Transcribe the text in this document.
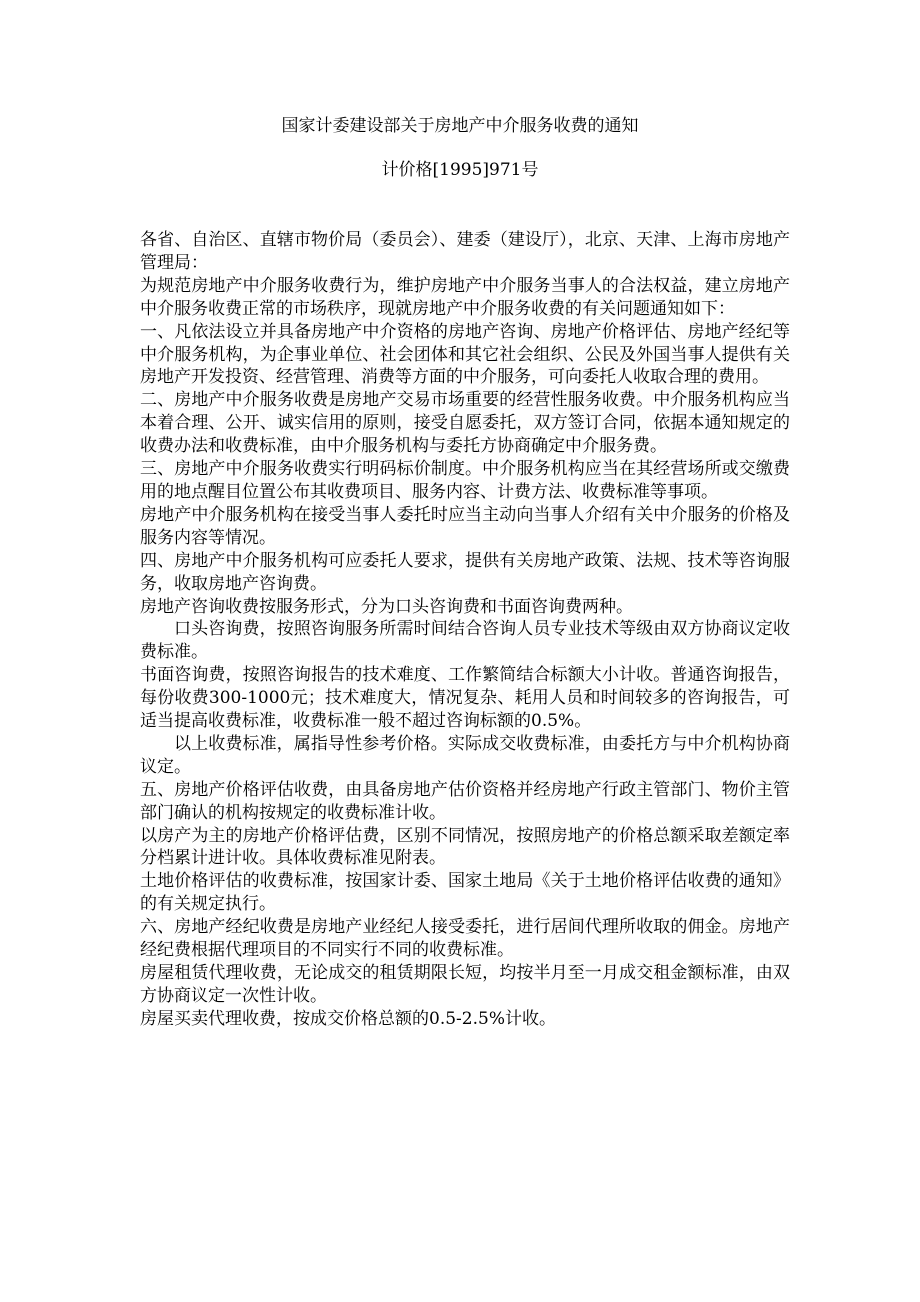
国家计委建设部关于房地产中介服务收费的通知
计价格[1995]971号

各省、自治区、直辖市物价局（委员会）、建委（建设厅），北京、天津、上海市房地产管理局：

为规范房地产中介服务收费行为，维护房地产中介服务当事人的合法权益，建立房地产中介服务收费正常的市场秩序，现就房地产中介服务收费的有关问题通知如下：

一、凡依法设立并具备房地产中介资格的房地产咨询、房地产价格评估、房地产经纪等中介服务机构，为企事业单位、社会团体和其它社会组织、公民及外国当事人提供有关房地产开发投资、经营管理、消费等方面的中介服务，可向委托人收取合理的费用。

二、房地产中介服务收费是房地产交易市场重要的经营性服务收费。中介服务机构应当本着合理、公开、诚实信用的原则，接受自愿委托，双方签订合同，依据本通知规定的收费办法和收费标准，由中介服务机构与委托方协商确定中介服务费。

三、房地产中介服务收费实行明码标价制度。中介服务机构应当在其经营场所或交缴费用的地点醒目位置公布其收费项目、服务内容、计费方法、收费标准等事项。

房地产中介服务机构在接受当事人委托时应当主动向当事人介绍有关中介服务的价格及服务内容等情况。

四、房地产中介服务机构可应委托人要求，提供有关房地产政策、法规、技术等咨询服务，收取房地产咨询费。

房地产咨询收费按服务形式，分为口头咨询费和书面咨询费两种。

口头咨询费，按照咨询服务所需时间结合咨询人员专业技术等级由双方协商议定收费标准。

书面咨询费，按照咨询报告的技术难度、工作繁简结合标额大小计收。普通咨询报告，每份收费300-1000元；技术难度大，情况复杂、耗用人员和时间较多的咨询报告，可适当提高收费标准，收费标准一般不超过咨询标额的0.5%。

以上收费标准，属指导性参考价格。实际成交收费标准，由委托方与中介机构协商议定。

五、房地产价格评估收费，由具备房地产估价资格并经房地产行政主管部门、物价主管部门确认的机构按规定的收费标准计收。

以房产为主的房地产价格评估费，区别不同情况，按照房地产的价格总额采取差额定率分档累计进计收。具体收费标准见附表。

土地价格评估的收费标准，按国家计委、国家土地局《关于土地价格评估收费的通知》的有关规定执行。

六、房地产经纪收费是房地产业经纪人接受委托，进行居间代理所收取的佣金。房地产经纪费根据代理项目的不同实行不同的收费标准。

房屋租赁代理收费，无论成交的租赁期限长短，均按半月至一月成交租金额标准，由双方协商议定一次性计收。

房屋买卖代理收费，按成交价格总额的0.5-2.5%计收。
